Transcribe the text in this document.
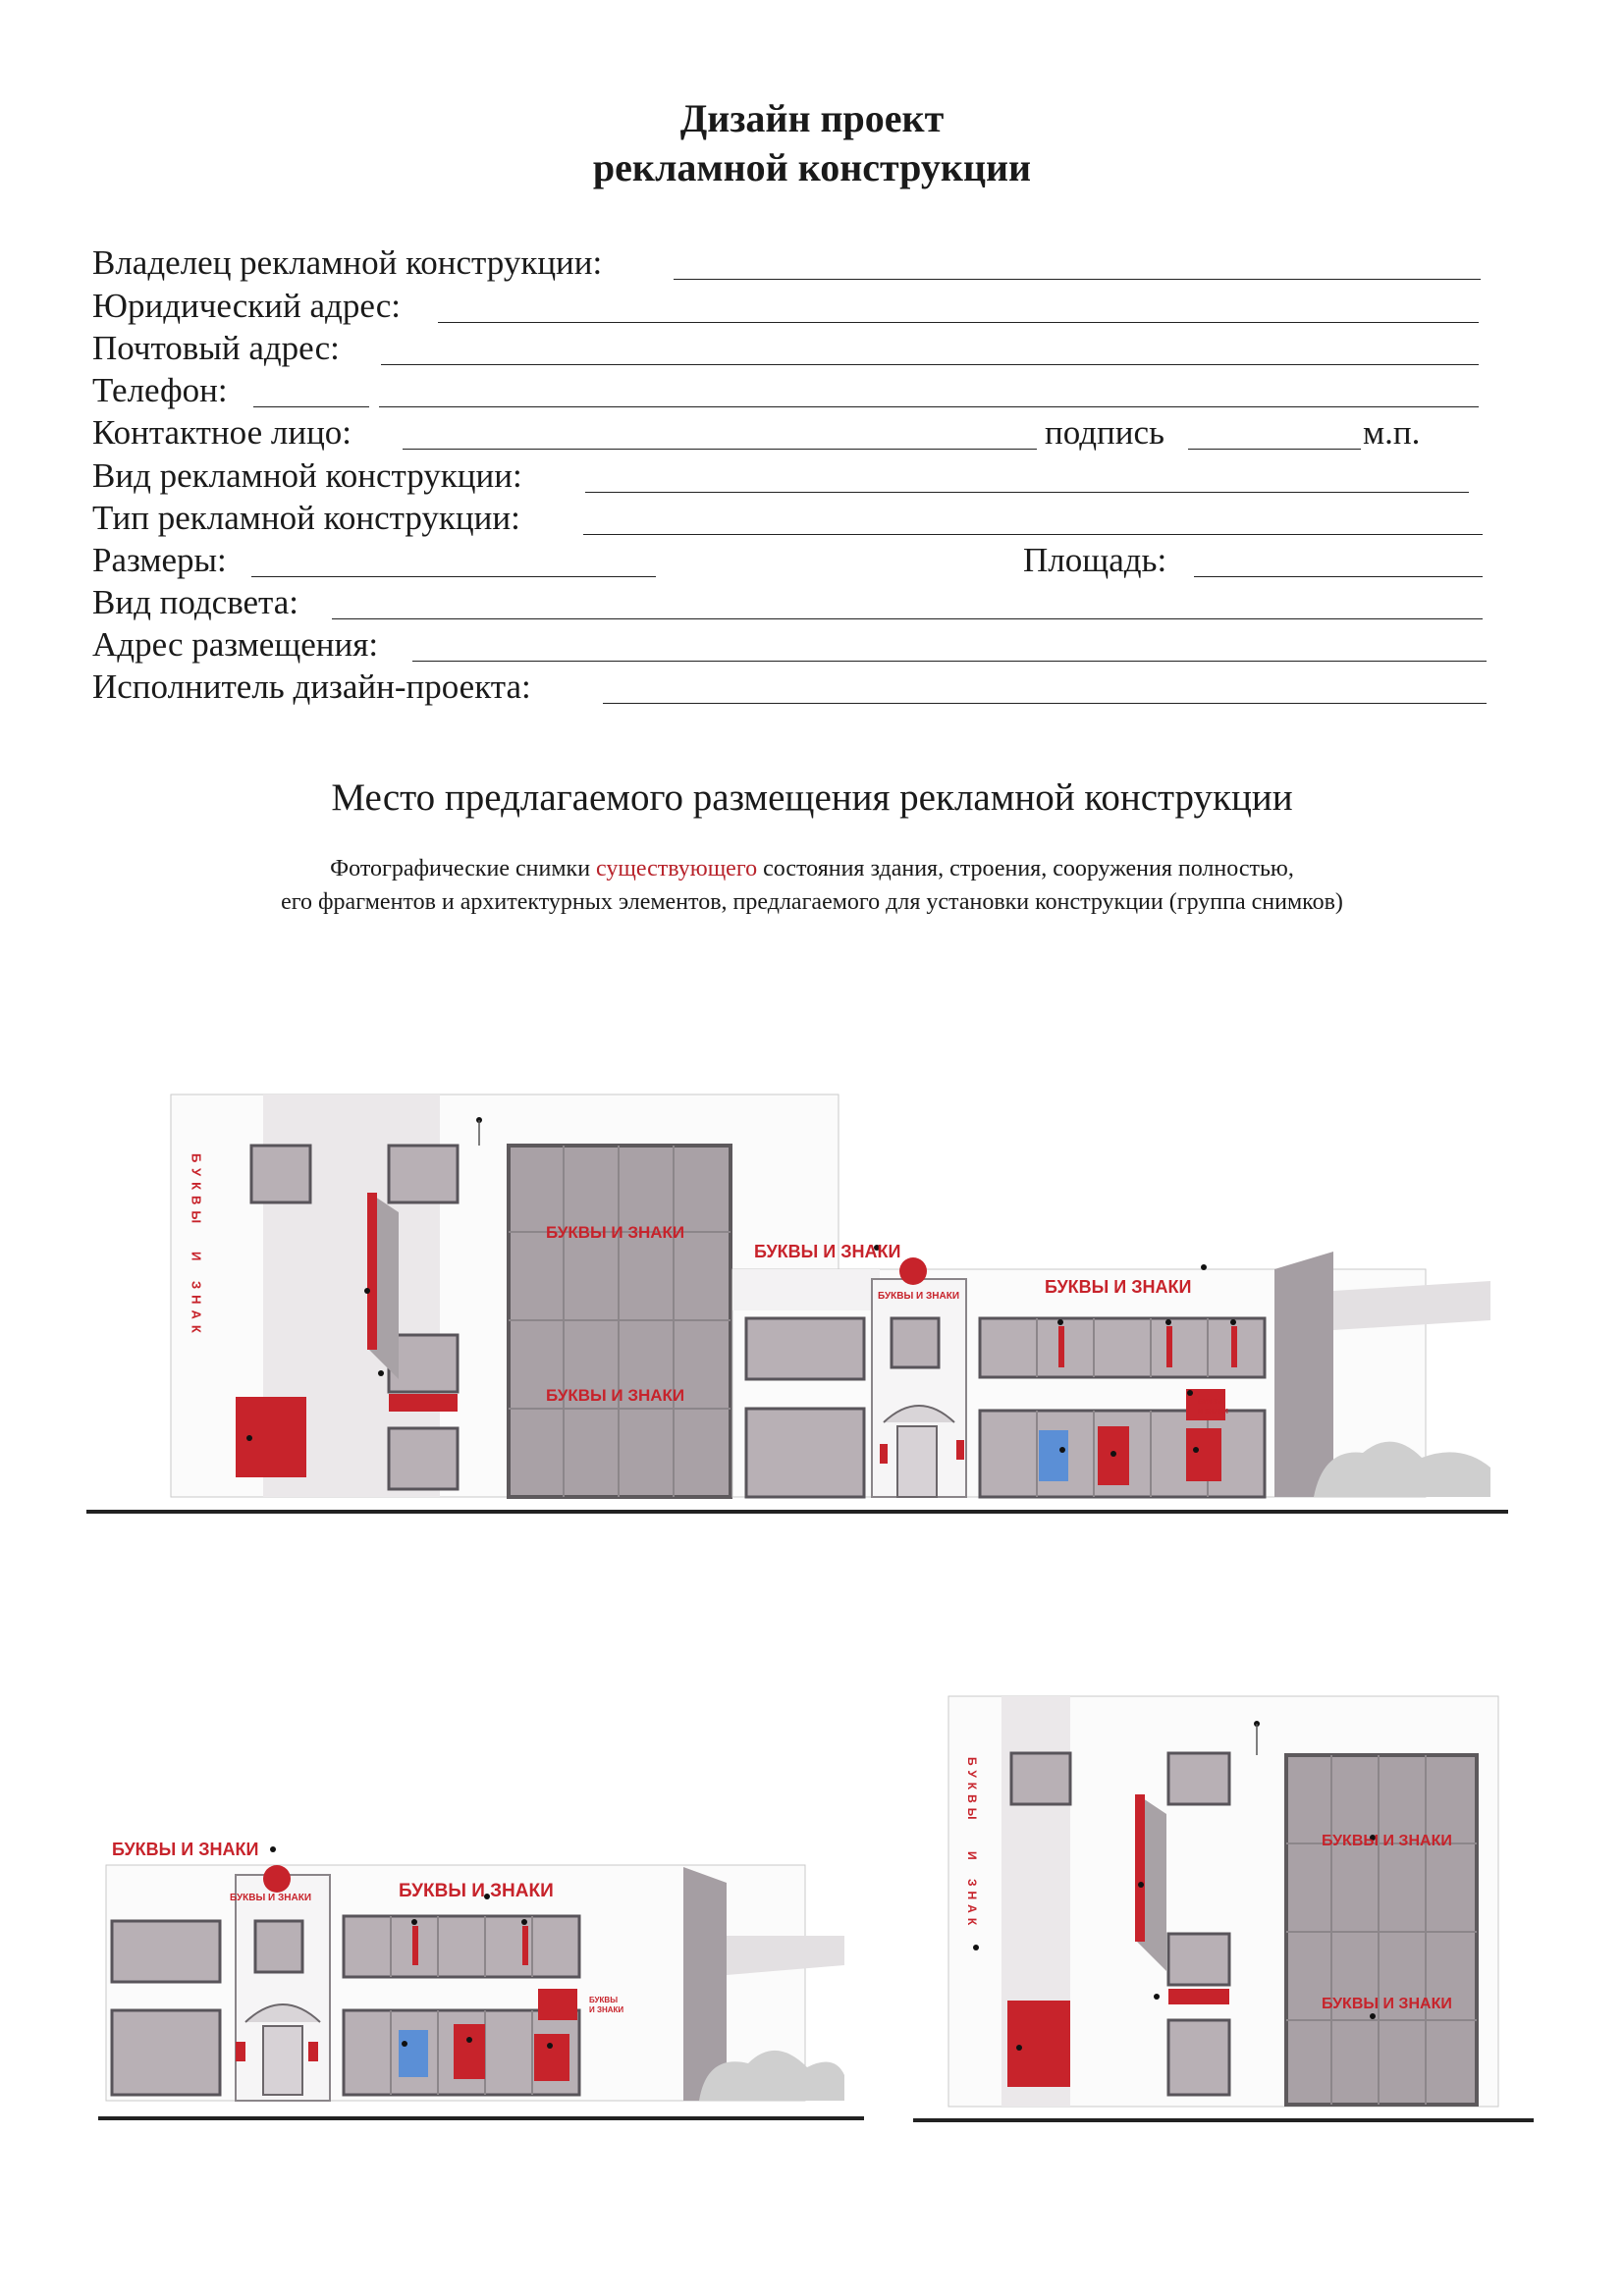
Дизайн проект
рекламной конструкции
Владелец рекламной конструкции:
Юридический адрес:
Почтовый адрес:
Телефон:
Контактное лицо:	подпись	м.п.
Вид рекламной конструкции:
Тип рекламной конструкции:
Размеры:	Площадь:
Вид подсвета:
Адрес размещения:
Исполнитель дизайн-проекта:
Место предлагаемого размещения рекламной конструкции
Фотографические снимки существующего состояния здания, строения, сооружения полностью,
его фрагментов и архитектурных элементов, предлагаемого для установки конструкции (группа снимков)
БУКВЫ
И
ЗНАК
БУКВЫ И ЗНАКИ
БУКВЫ И ЗНАКИ
БУКВЫ И ЗНАКИ
БУКВЫ И ЗНАКИ
БУКВЫ И ЗНАКИ
БУКВЫ
И ЗНАКИ
БУКВЫ И ЗНАКИ
БУКВЫ И ЗНАКИ	БУКВЫ И ЗНАКИ
БУКВЫ
И ЗНАКИ
БУКВЫ
И
ЗНАК
БУКВЫ И ЗНАКИ
БУКВЫ И ЗНАКИ
